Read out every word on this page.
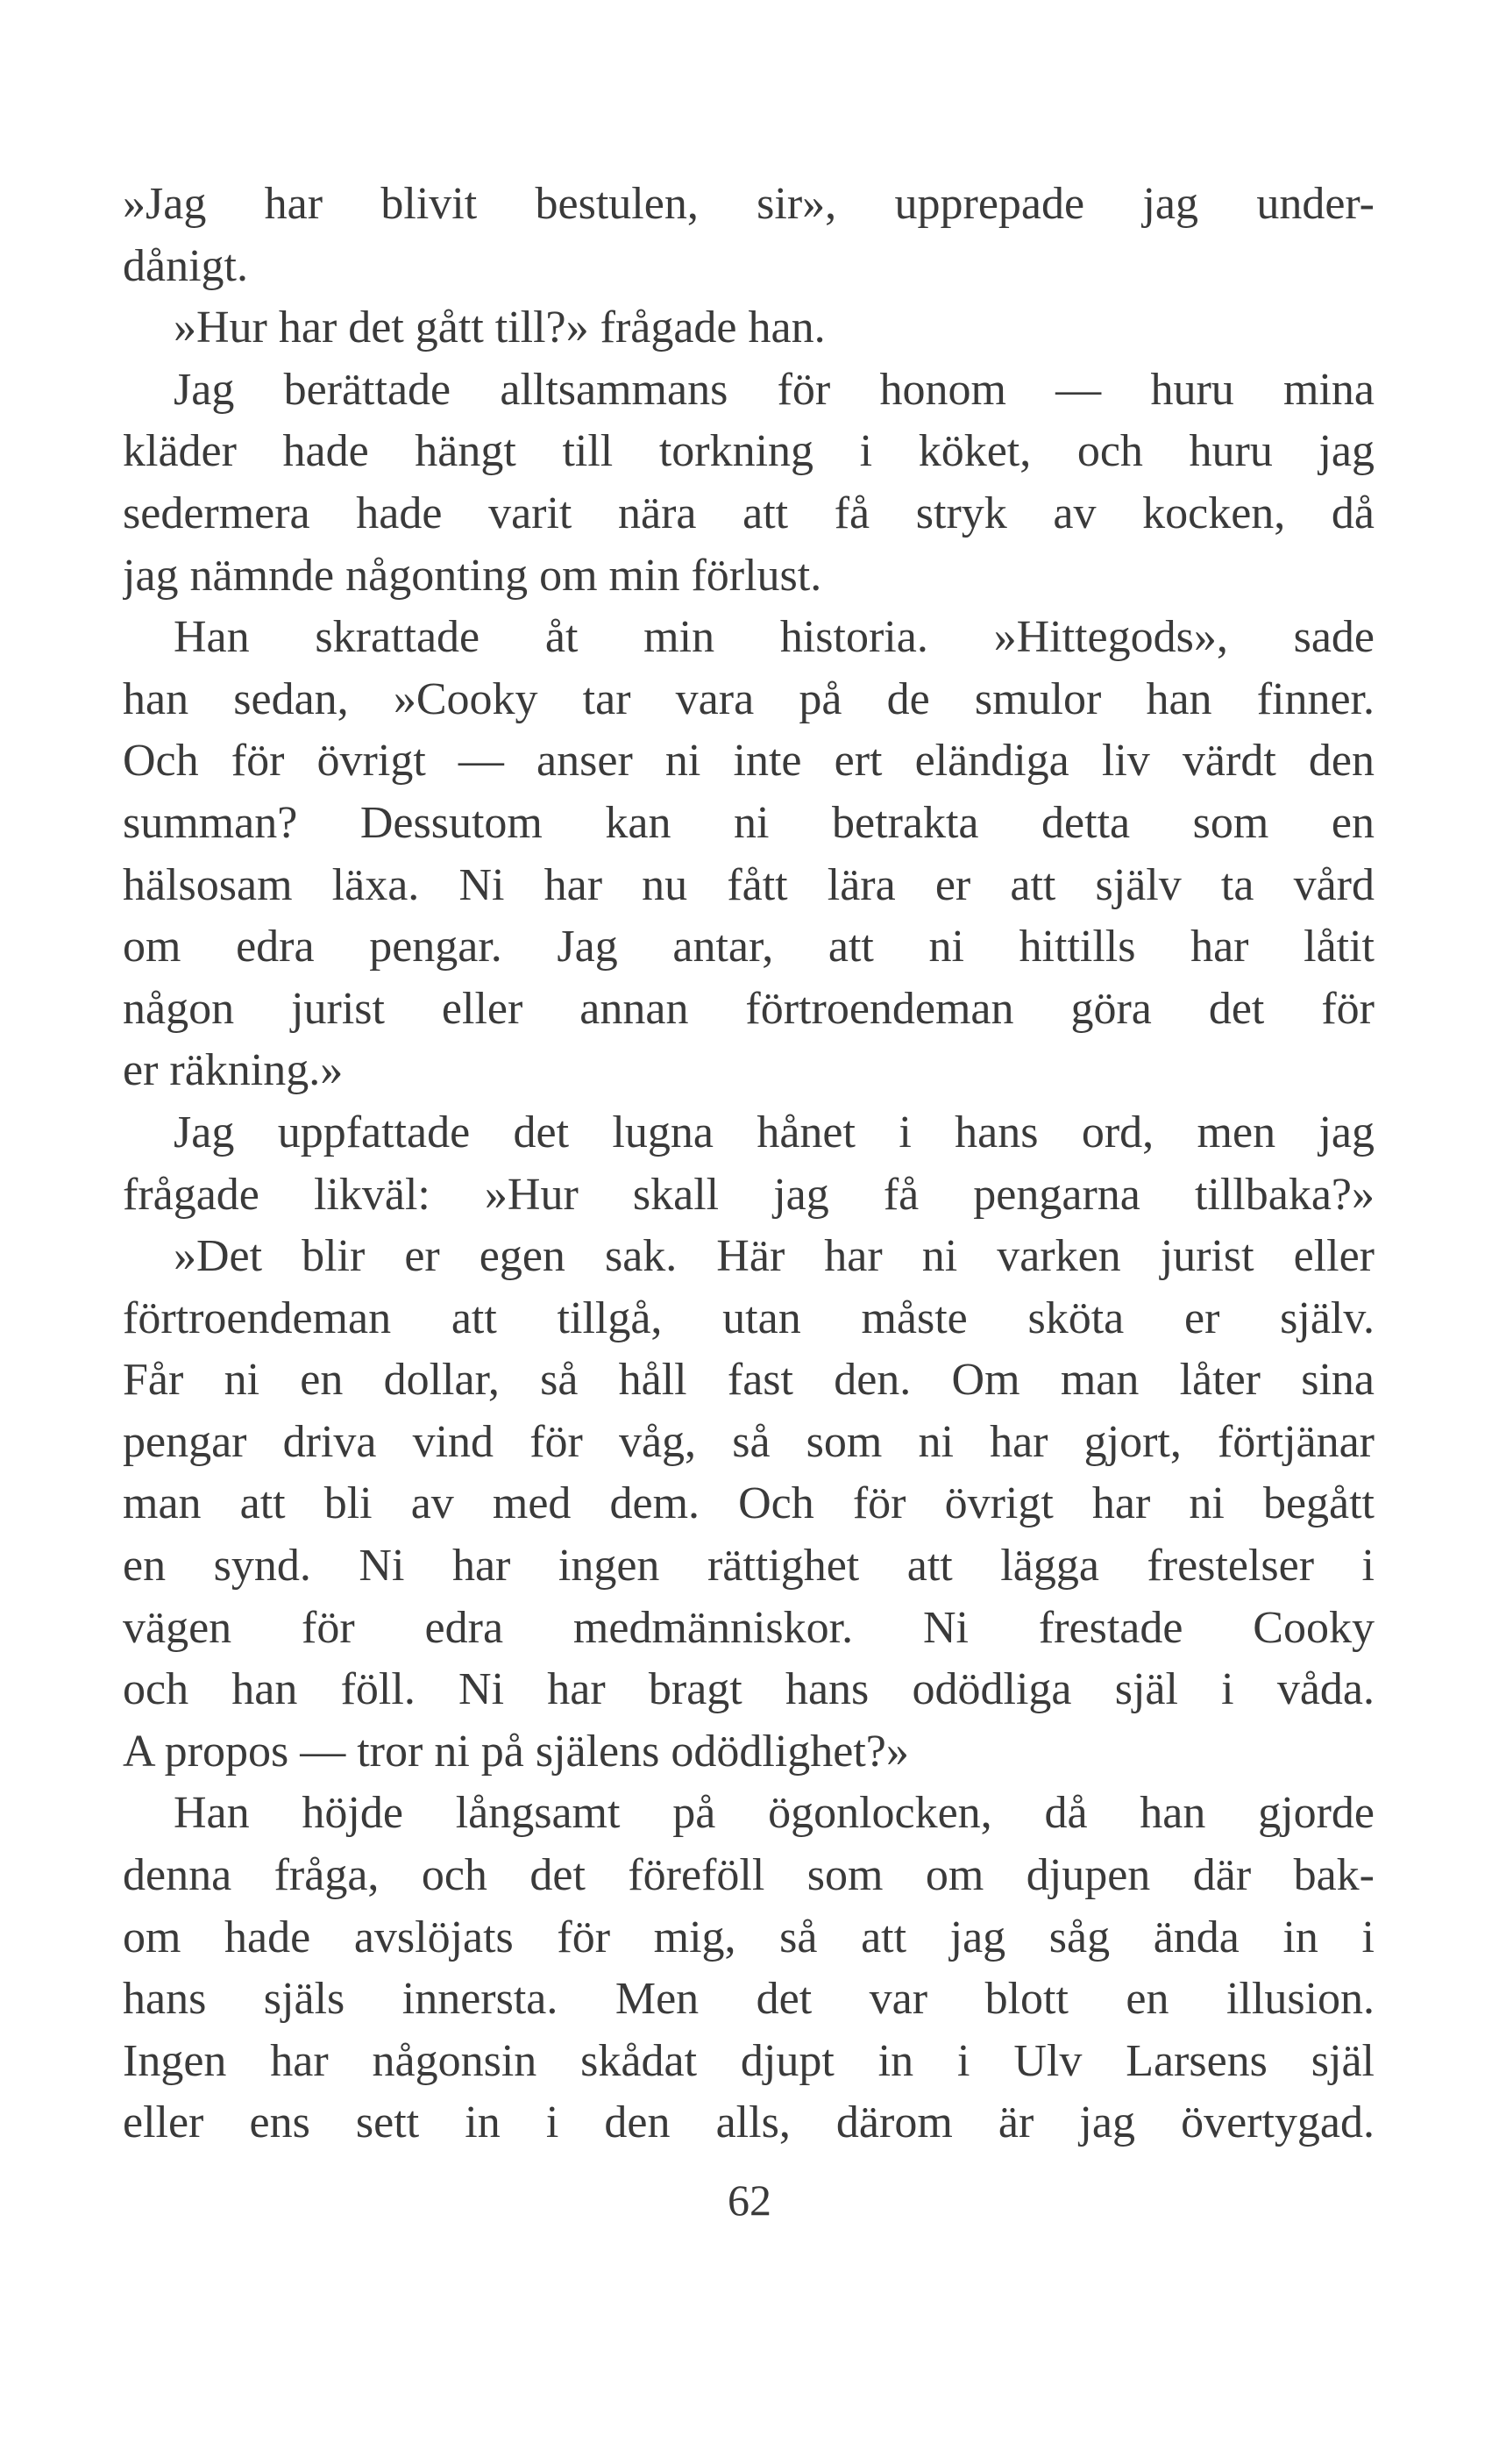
»Jag har blivit bestulen, sir», upprepade jag under-
dånigt.
»Hur har det gått till?» frågade han.
Jag berättade alltsammans för honom — huru mina
kläder hade hängt till torkning i köket, och huru jag
sedermera hade varit nära att få stryk av kocken, då
jag nämnde någonting om min förlust.
Han skrattade åt min historia. »Hittegods», sade
han sedan, »Cooky tar vara på de smulor han finner.
Och för övrigt — anser ni inte ert eländiga liv värdt den
summan? Dessutom kan ni betrakta detta som en
hälsosam läxa. Ni har nu fått lära er att själv ta vård
om edra pengar. Jag antar, att ni hittills har låtit
någon jurist eller annan förtroendeman göra det för
er räkning.»
Jag uppfattade det lugna hånet i hans ord, men jag
frågade likväl: »Hur skall jag få pengarna tillbaka?»
»Det blir er egen sak. Här har ni varken jurist eller
förtroendeman att tillgå, utan måste sköta er själv.
Får ni en dollar, så håll fast den. Om man låter sina
pengar driva vind för våg, så som ni har gjort, förtjänar
man att bli av med dem. Och för övrigt har ni begått
en synd. Ni har ingen rättighet att lägga frestelser i
vägen för edra medmänniskor. Ni frestade Cooky
och han föll. Ni har bragt hans odödliga själ i våda.
A propos — tror ni på själens odödlighet?»
Han höjde långsamt på ögonlocken, då han gjorde
denna fråga, och det föreföll som om djupen där bak-
om hade avslöjats för mig, så att jag såg ända in i
hans själs innersta. Men det var blott en illusion.
Ingen har någonsin skådat djupt in i Ulv Larsens själ
eller ens sett in i den alls, därom är jag övertygad.
62
